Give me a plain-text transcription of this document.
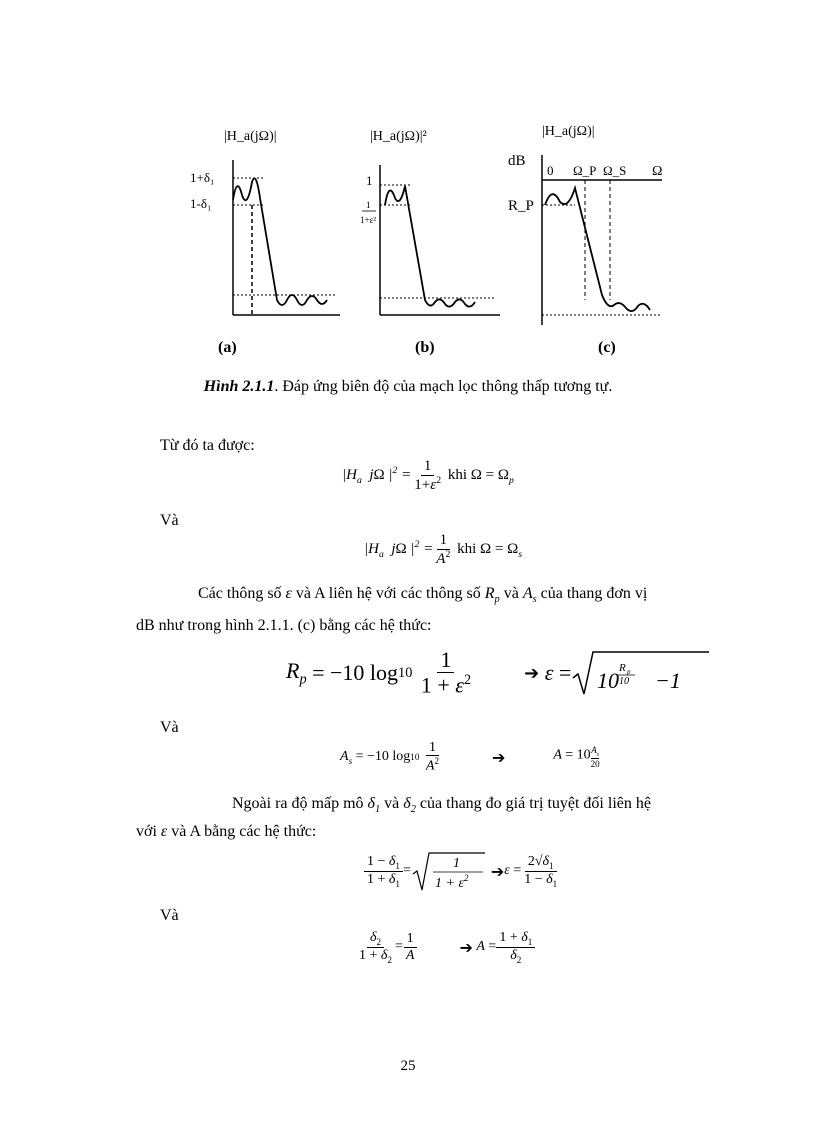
|H_a(jΩ)|
1+δ₁
1-δ₁
(a)
|H_a(jΩ)|²
1
1
1+ε²
(b)
|H_a(jΩ)|
dB
0 Ω_P Ω_S Ω
R_P
(c)
Hình 2.1.1. Đáp ứng biên độ của mạch lọc thông thấp tương tự.
Từ đó ta được:
$|H_a$ jΩ $|^2 = \frac{1}{1+\varepsilon^2}$ khi $\Omega = \Omega_p$
Và
$|H_a$ jΩ $|^2 = \frac{1}{A^2}$ khi $\Omega = \Omega_s$
Các thông số ε và A liên hệ với các thông số $R_p$ và $A_s$ của thang đơn vị
dB như trong hình 2.1.1. (c) bằng các hệ thức:
$R_p$
= −10 log 10
$\frac{1}{1 + \varepsilon^2}$	➔
ε
= 10 R p
10 −1
Và
$A_s$
= −10 log 10
$\frac{1}{A^2}$	➔	A = 10 $^{\frac{A_s}{20}}$
Ngoài ra độ mấp mô $\delta_1$ và $\delta_2$ của thang đo giá trị tuyệt đối liên hệ
với ε và A bằng các hệ thức:
$\frac{1 - \delta_1}{1 + \delta_1}$ =	1
$1 + \varepsilon^2$ ➔ ε
= $\frac{2√\delta_1}{1 - \delta_1}$
Và
$\frac{\delta_2}{1 + \delta_2} = \frac{1}{A}$	➔
A
= $\frac{1 + \delta_1}{\delta_2}$
25
